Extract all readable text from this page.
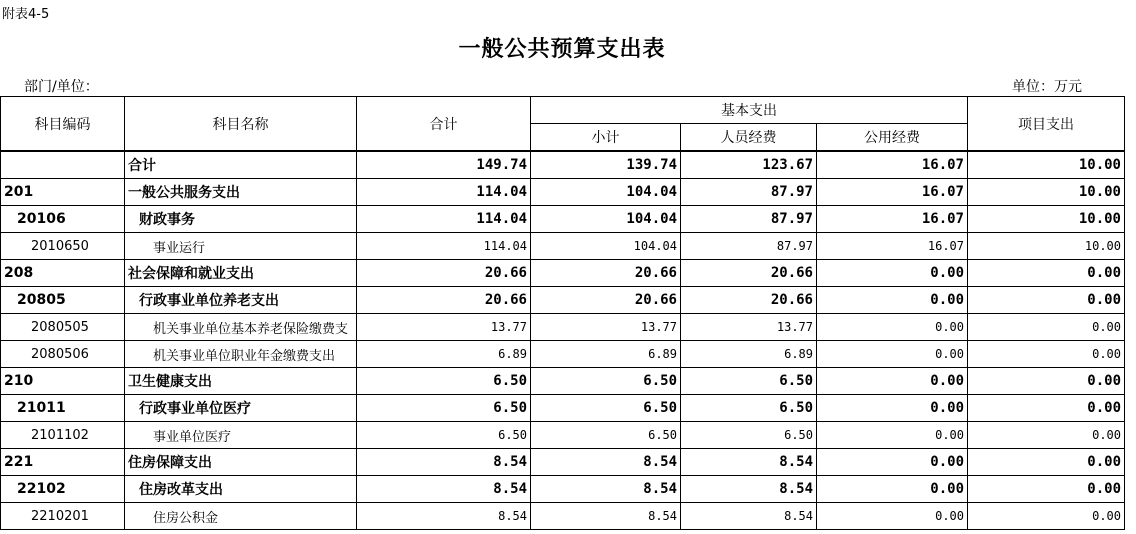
附表4-5
一般公共预算支出表
部门/单位：	单位：万元
科目编码	科目名称	合计	基本支出			项目支出
			小计	人员经费	公用经费	
	合计	149.74	139.74	123.67	16.07	10.00
201	一般公共服务支出	114.04	104.04	87.97	16.07	10.00
20106	财政事务	114.04	104.04	87.97	16.07	10.00
2010650	事业运行	114.04	104.04	87.97	16.07	10.00
208	社会保障和就业支出	20.66	20.66	20.66	0.00	0.00
20805	行政事业单位养老支出	20.66	20.66	20.66	0.00	0.00
2080505	机关事业单位基本养老保险缴费支	13.77	13.77	13.77	0.00	0.00
2080506	机关事业单位职业年金缴费支出	6.89	6.89	6.89	0.00	0.00
210	卫生健康支出	6.50	6.50	6.50	0.00	0.00
21011	行政事业单位医疗	6.50	6.50	6.50	0.00	0.00
2101102	事业单位医疗	6.50	6.50	6.50	0.00	0.00
221	住房保障支出	8.54	8.54	8.54	0.00	0.00
22102	住房改革支出	8.54	8.54	8.54	0.00	0.00
2210201	住房公积金	8.54	8.54	8.54	0.00	0.00
